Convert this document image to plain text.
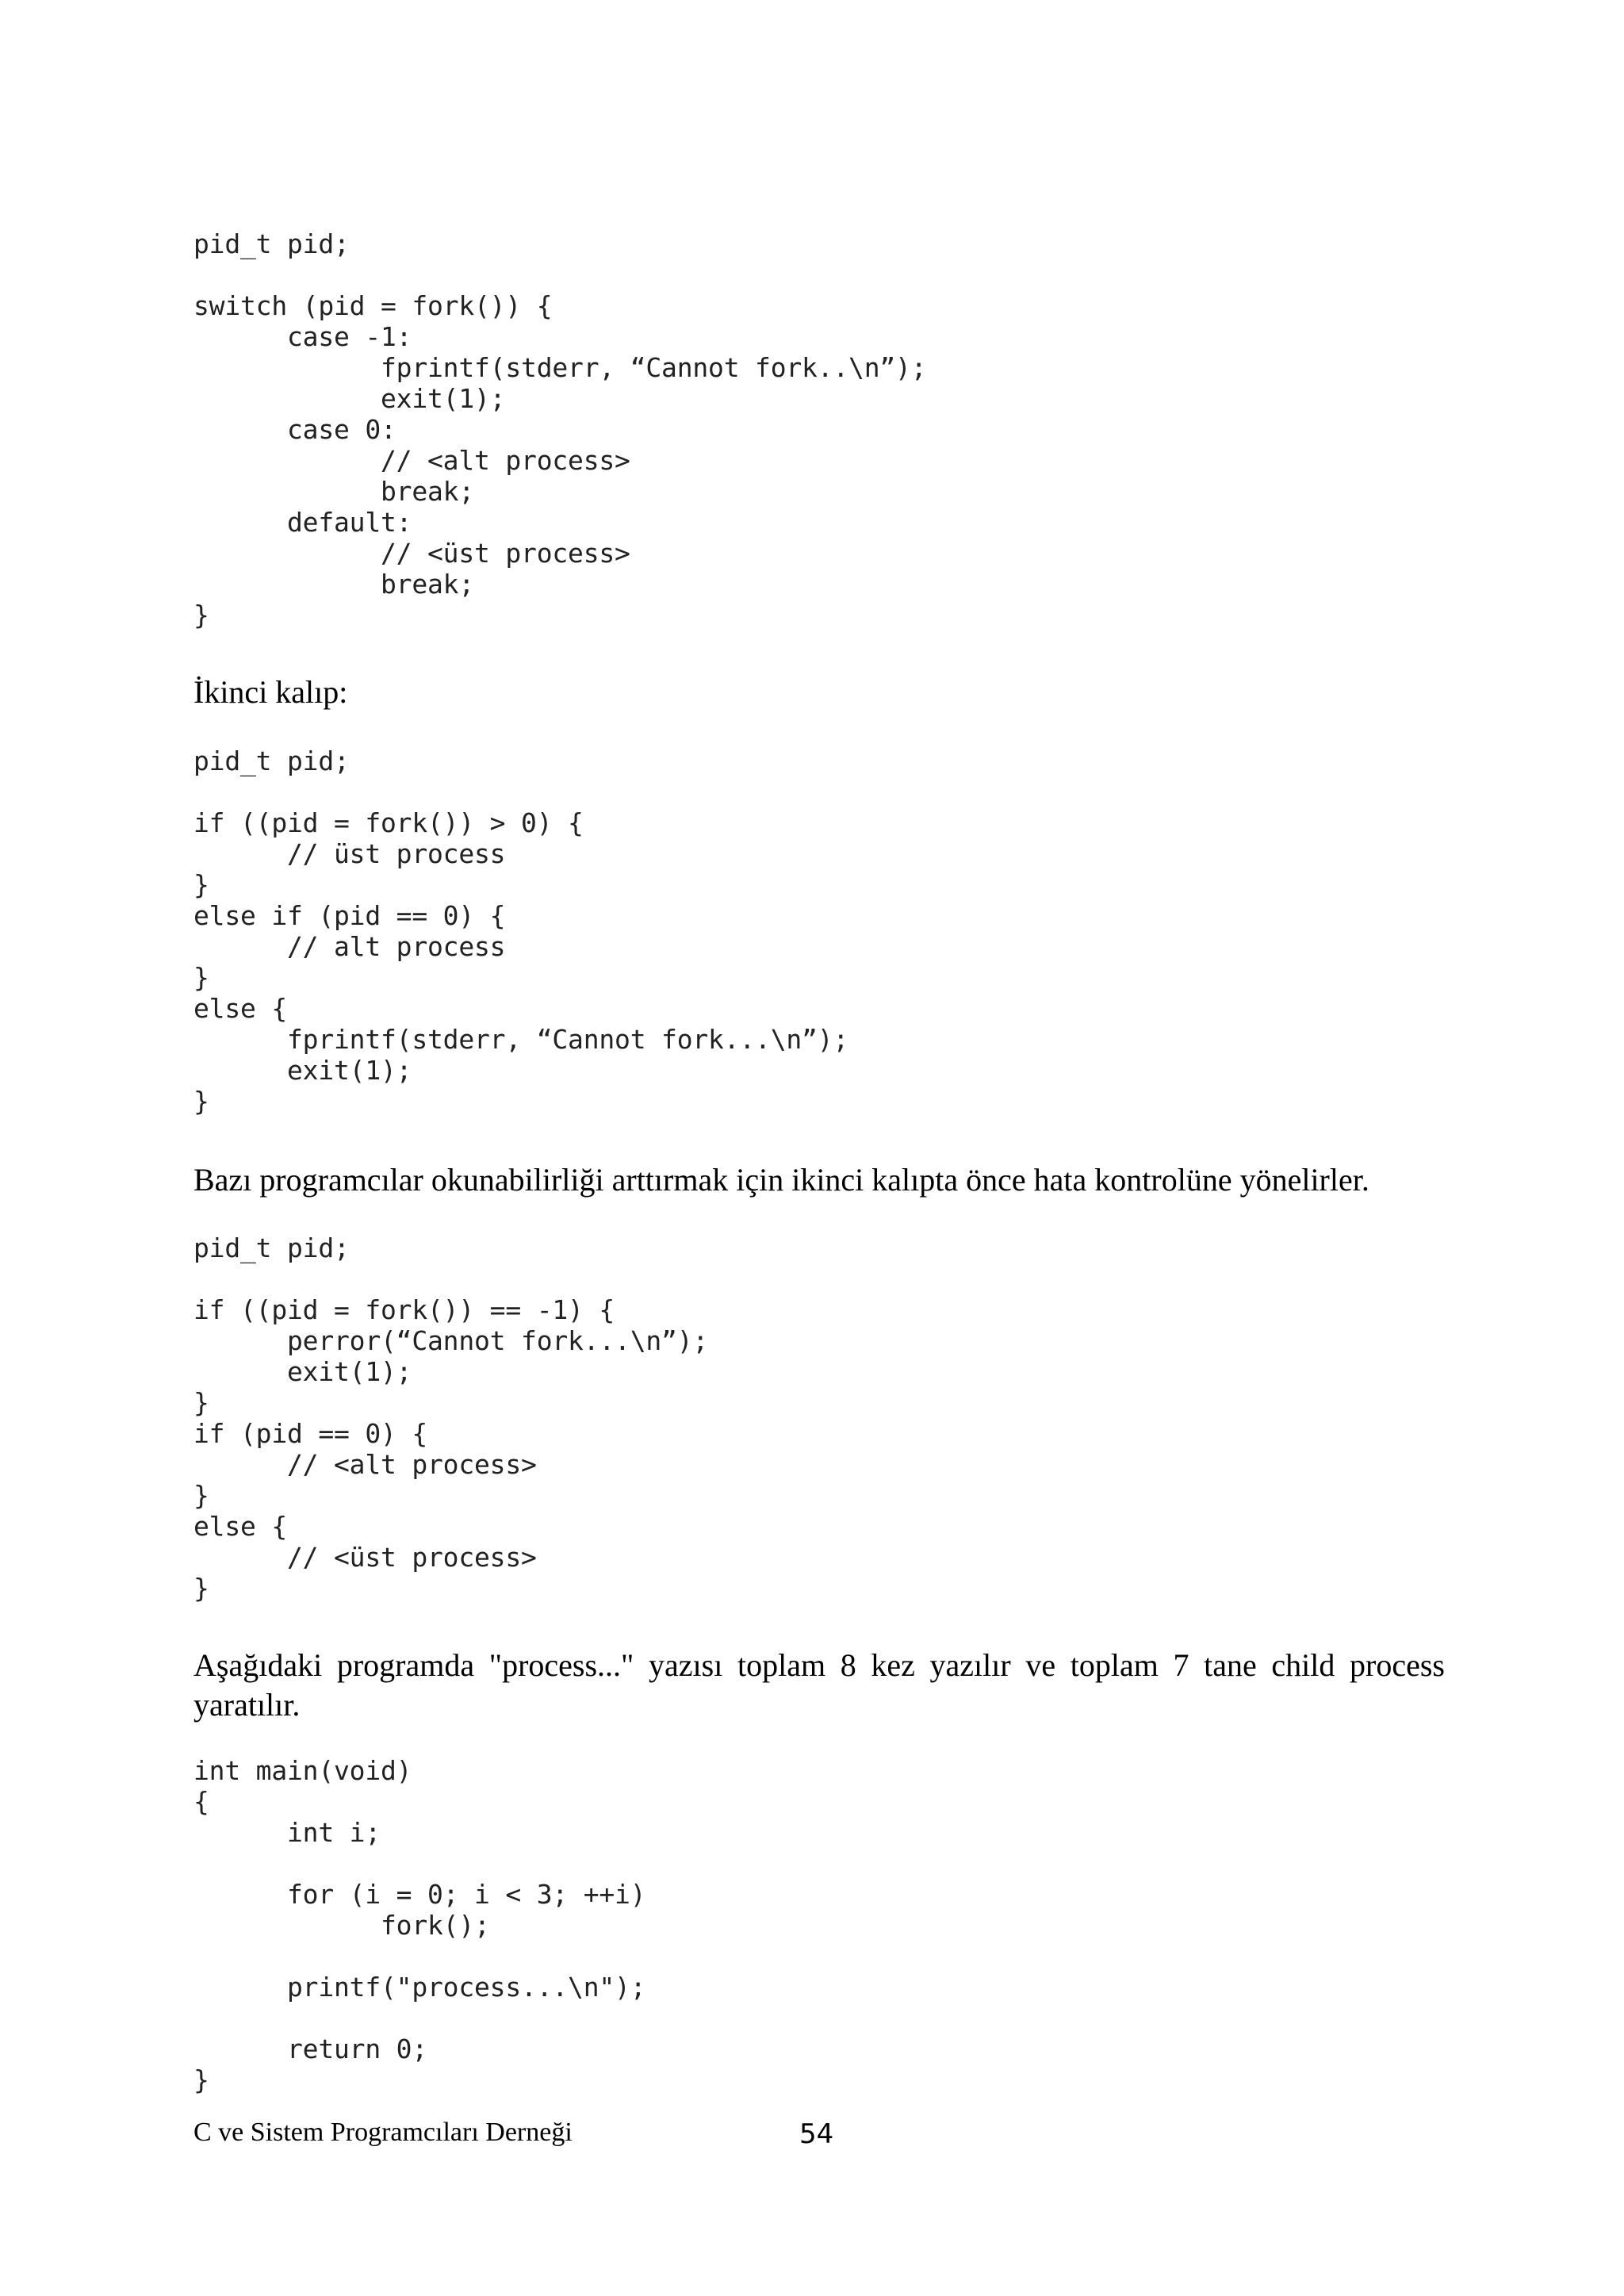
pid_t pid;
switch (pid = fork()) {
case -1:
fprintf(stderr, “Cannot fork..\n”);
exit(1);
case 0:
// <alt process>
break;
default:
// <üst process>
break;
}

İkinci kalıp:

pid_t pid;
if ((pid = fork()) > 0) {
// üst process
}
else if (pid == 0) {
// alt process
}
else {
fprintf(stderr, “Cannot fork...\n”);
exit(1);
}

Bazı programcılar okunabilirliği arttırmak için ikinci kalıpta önce hata kontrolüne yönelirler.

pid_t pid;
if ((pid = fork()) == -1) {
perror(“Cannot fork...\n”);
exit(1);
}
if (pid == 0) {
// <alt process>
}
else {
// <üst process>
}

Aşağıdaki programda "process..." yazısı toplam 8 kez yazılır ve toplam 7 tane child process yaratılır.

int main(void)
{
int i;
for (i = 0; i < 3; ++i)
fork();
printf("process...\n");
return 0;
}
C ve Sistem Programcıları Derneği	54
